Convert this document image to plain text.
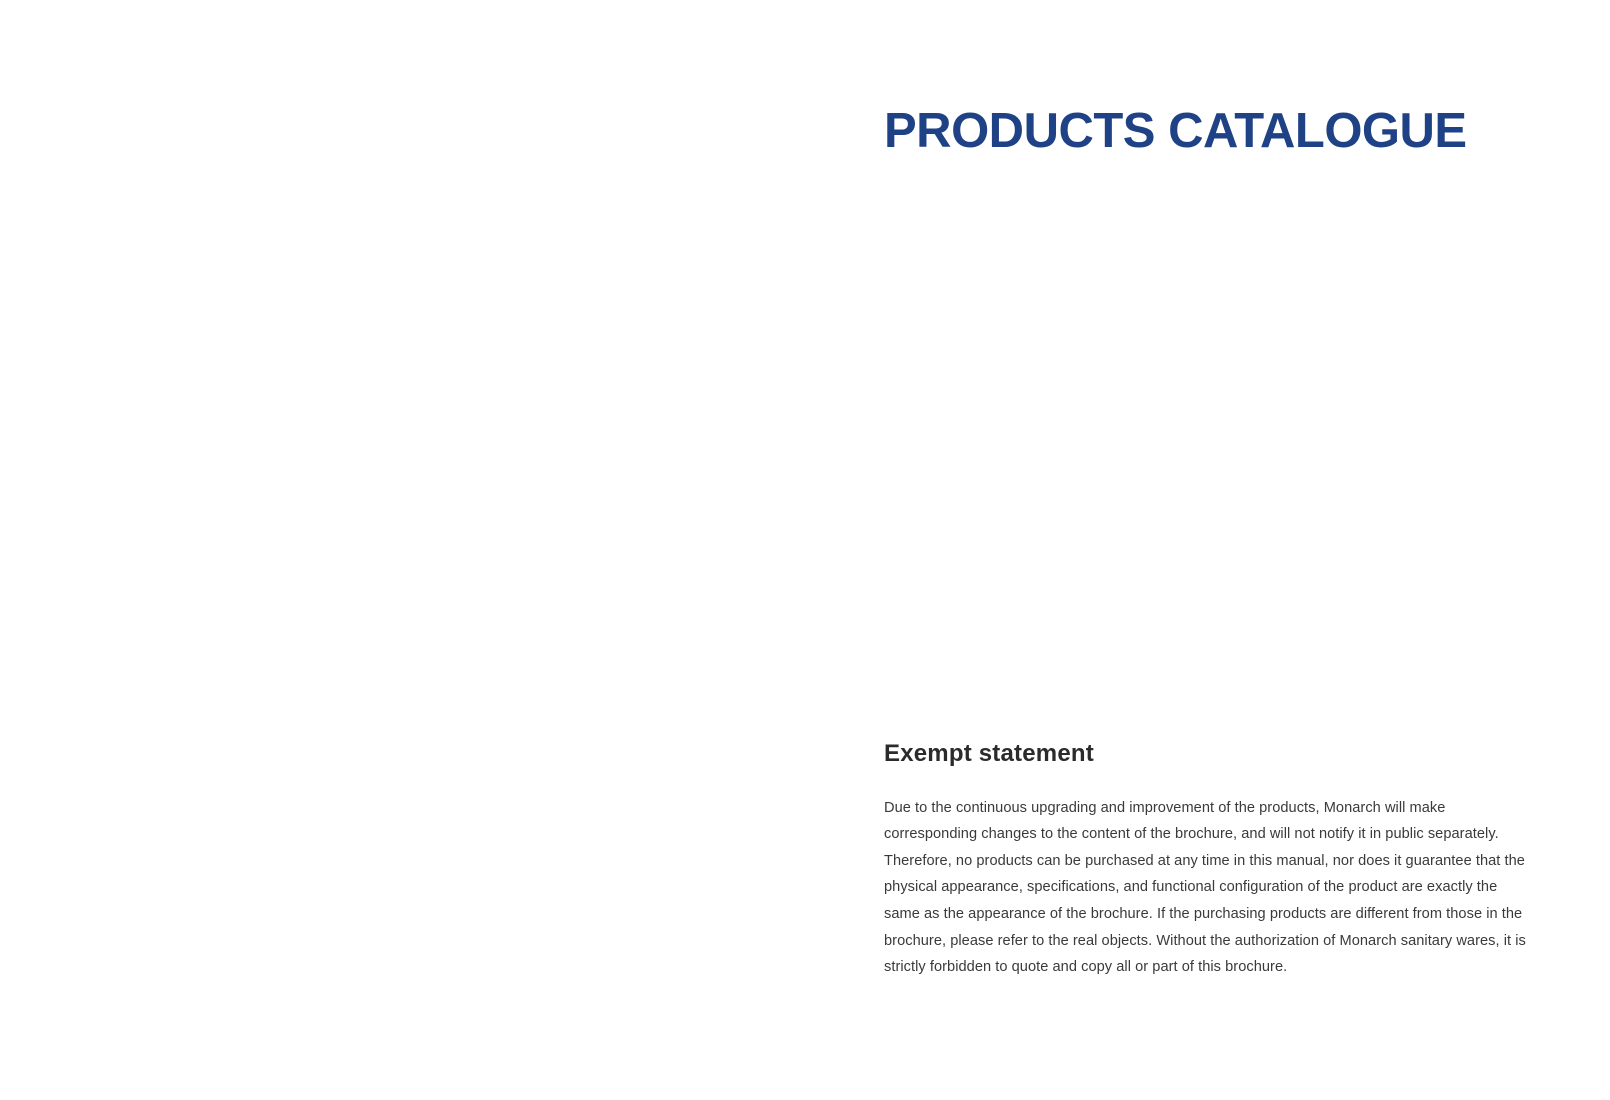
PRODUCTS CATALOGUE
Exempt statement

Due to the continuous upgrading and improvement of the products, Monarch will make corresponding changes to the content of the brochure, and will not notify it in public separately. Therefore, no products can be purchased at any time in this manual, nor does it guarantee that the physical appearance, specifications, and functional configuration of the product are exactly the same as the appearance of the brochure. If the purchasing products are different from those in the brochure, please refer to the real objects. Without the authorization of Monarch sanitary wares, it is strictly forbidden to quote and copy all or part of this brochure.
